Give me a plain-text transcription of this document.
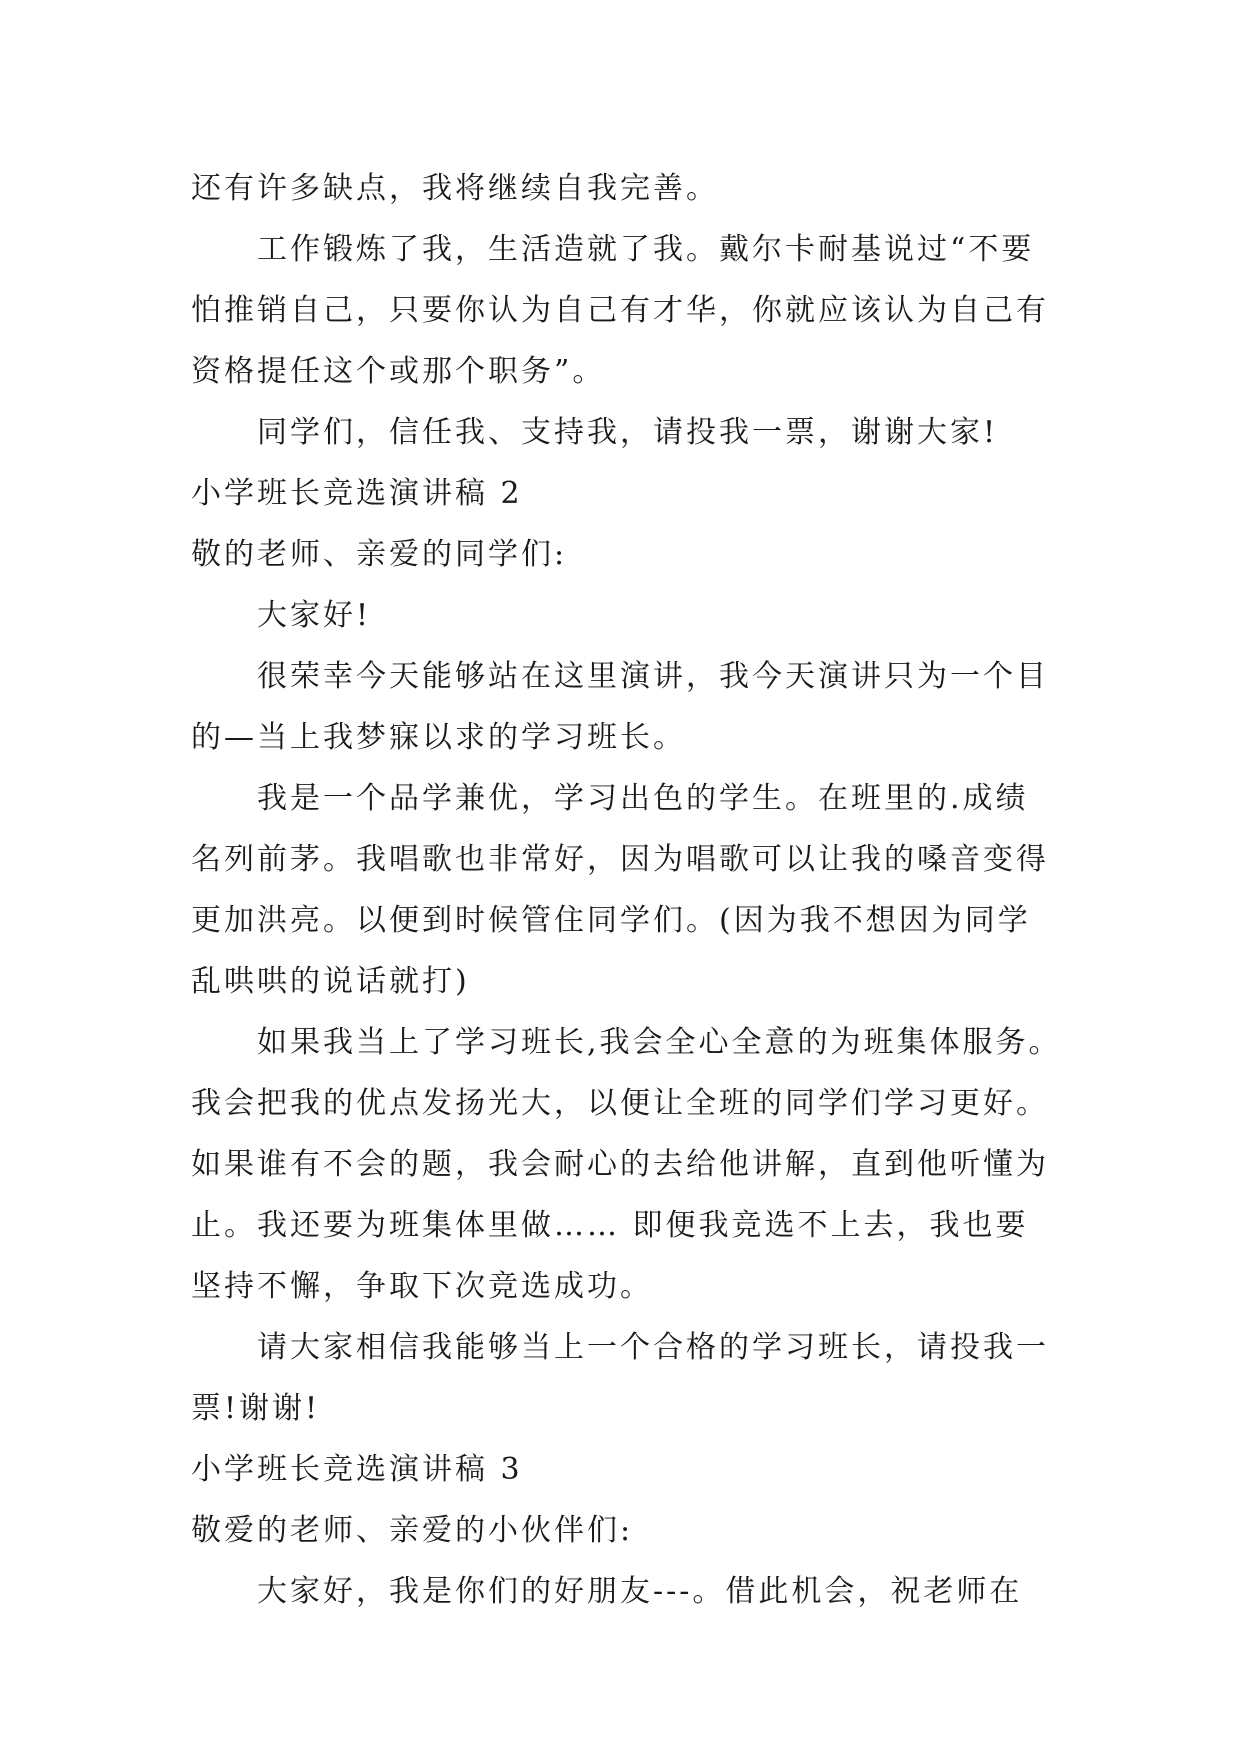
还有许多缺点，我将继续自我完善。
工作锻炼了我，生活造就了我。戴尔卡耐基说过“不要
怕推销自己，只要你认为自己有才华，你就应该认为自己有
资格提任这个或那个职务”。
同学们，信任我、支持我，请投我一票，谢谢大家!
小学班长竞选演讲稿 2
敬的老师、亲爱的同学们:
大家好!
很荣幸今天能够站在这里演讲，我今天演讲只为一个目
的—当上我梦寐以求的学习班长。
我是一个品学兼优，学习出色的学生。在班里的.成绩
名列前茅。我唱歌也非常好，因为唱歌可以让我的嗓音变得
更加洪亮。以便到时候管住同学们。(因为我不想因为同学
乱哄哄的说话就打)
如果我当上了学习班长,我会全心全意的为班集体服务。
我会把我的优点发扬光大，以便让全班的同学们学习更好。
如果谁有不会的题，我会耐心的去给他讲解，直到他听懂为
止。我还要为班集体里做…… 即便我竞选不上去，我也要
坚持不懈，争取下次竞选成功。
请大家相信我能够当上一个合格的学习班长，请投我一
票!谢谢!
小学班长竞选演讲稿 3
敬爱的老师、亲爱的小伙伴们:
大家好，我是你们的好朋友---。借此机会，祝老师在
